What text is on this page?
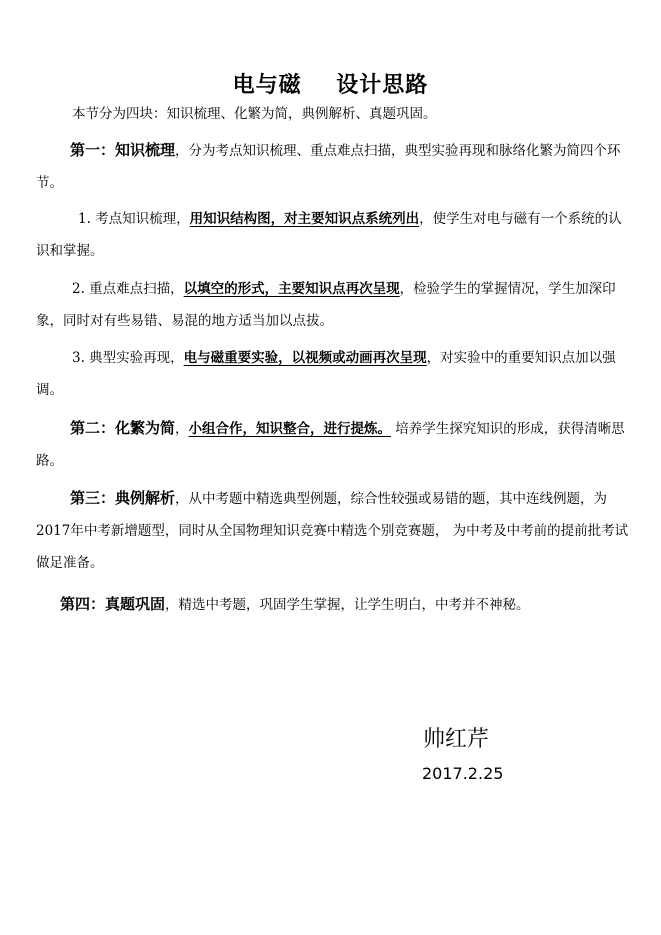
电与磁    设计思路
本节分为四块：知识梳理、化繁为简，典例解析、真题巩固。
第一：知识梳理，分为考点知识梳理、重点难点扫描，典型实验再现和脉络化繁为简四个环节。
1. 考点知识梳理，用知识结构图，对主要知识点系统列出，使学生对电与磁有一个系统的认识和掌握。
2. 重点难点扫描，以填空的形式，主要知识点再次呈现，检验学生的掌握情况，学生加深印象，同时对有些易错、易混的地方适当加以点拔。
3. 典型实验再现，电与磁重要实验，以视频或动画再次呈现，对实验中的重要知识点加以强调。
第二：化繁为简，小组合作，知识整合，进行提炼。 培养学生探究知识的形成，获得清晰思路。
第三：典例解析，从中考题中精选典型例题，综合性较强或易错的题，其中连线例题，为2017年中考新增题型，同时从全国物理知识竞赛中精选个别竞赛题， 为中考及中考前的提前批考试做足准备。
第四：真题巩固，精选中考题，巩固学生掌握，让学生明白，中考并不神秘。
帅红芹
2017.2.25
